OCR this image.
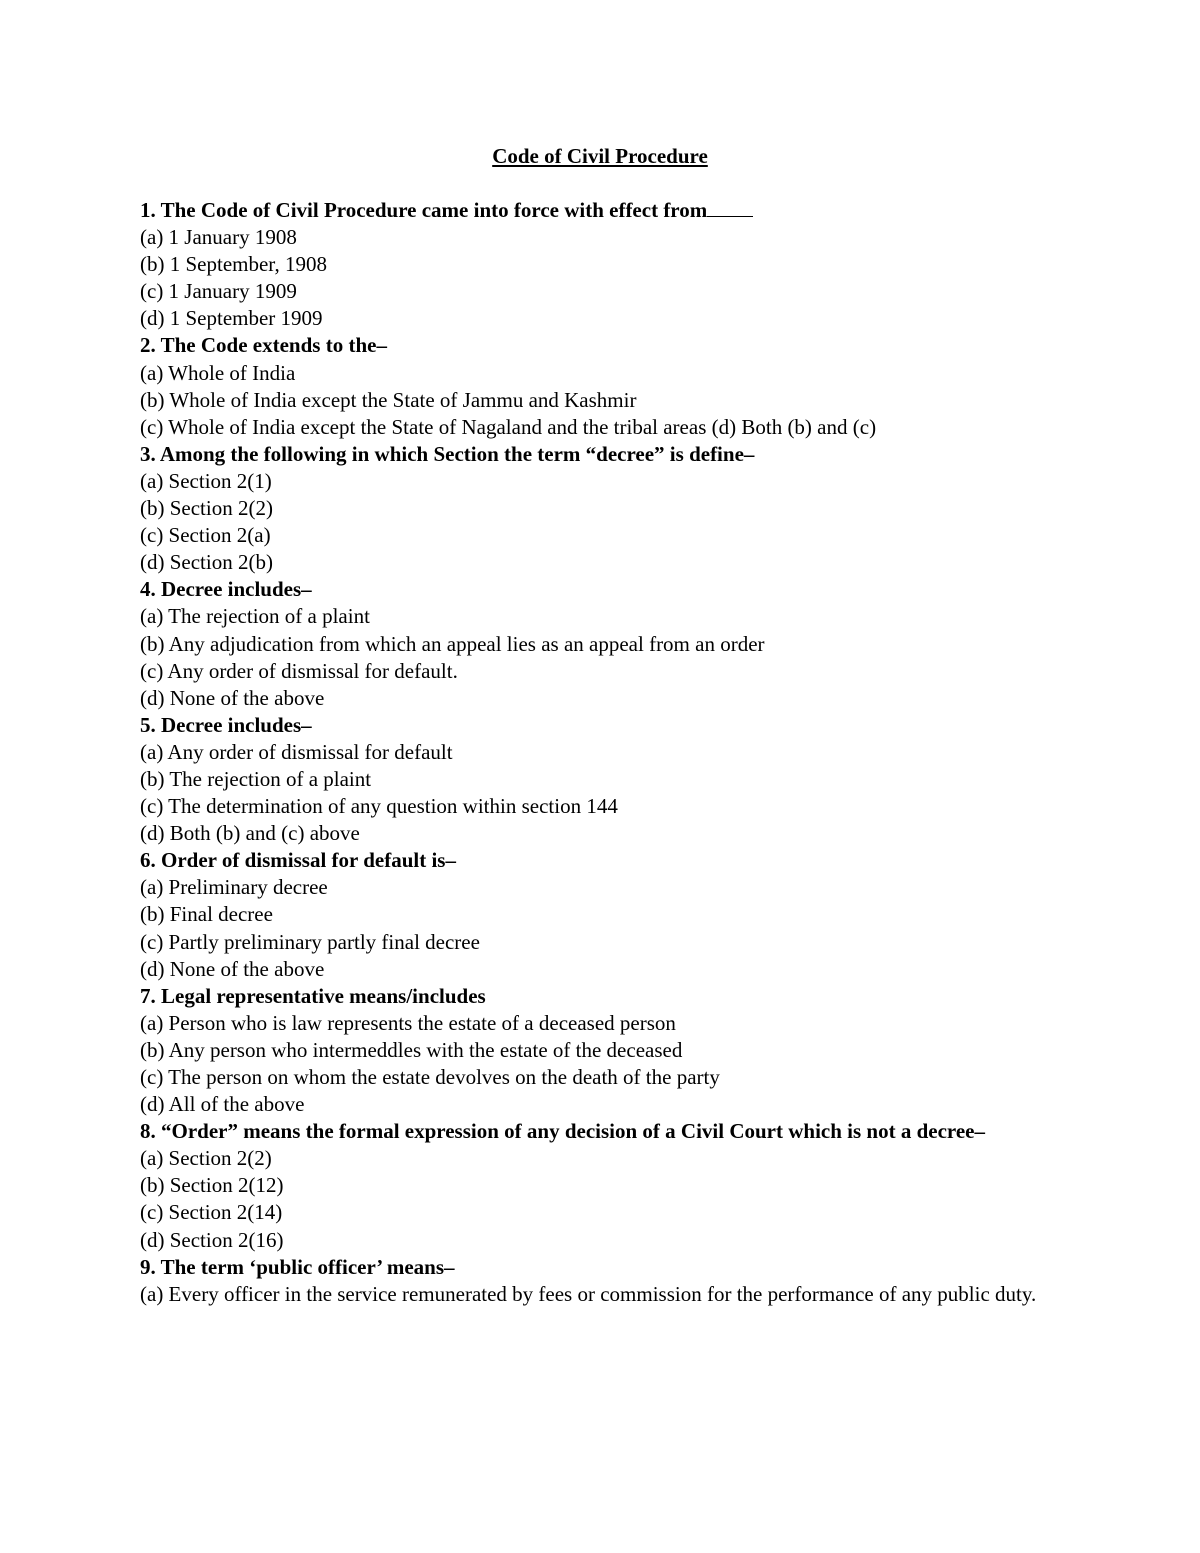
Code of Civil Procedure
1. The Code of Civil Procedure came into force with effect from
(a) 1 January 1908
(b) 1 September, 1908
(c) 1 January 1909
(d) 1 September 1909
2. The Code extends to the–
(a) Whole of India
(b) Whole of India except the State of Jammu and Kashmir
(c) Whole of India except the State of Nagaland and the tribal areas (d) Both (b) and (c)
3. Among the following in which Section the term “decree” is define–
(a) Section 2(1)
(b) Section 2(2)
(c) Section 2(a)
(d) Section 2(b)
4. Decree includes–
(a) The rejection of a plaint
(b) Any adjudication from which an appeal lies as an appeal from an order
(c) Any order of dismissal for default.
(d) None of the above
5. Decree includes–
(a) Any order of dismissal for default
(b) The rejection of a plaint
(c) The determination of any question within section 144
(d) Both (b) and (c) above
6. Order of dismissal for default is–
(a) Preliminary decree
(b) Final decree
(c) Partly preliminary partly final decree
(d) None of the above
7. Legal representative means/includes
(a) Person who is law represents the estate of a deceased person
(b) Any person who intermeddles with the estate of the deceased
(c) The person on whom the estate devolves on the death of the party
(d) All of the above
8. “Order” means the formal expression of any decision of a Civil Court which is not a decree–
(a) Section 2(2)
(b) Section 2(12)
(c) Section 2(14)
(d) Section 2(16)
9. The term ‘public officer’ means–
(a) Every officer in the service remunerated by fees or commission for the performance of any public duty.
